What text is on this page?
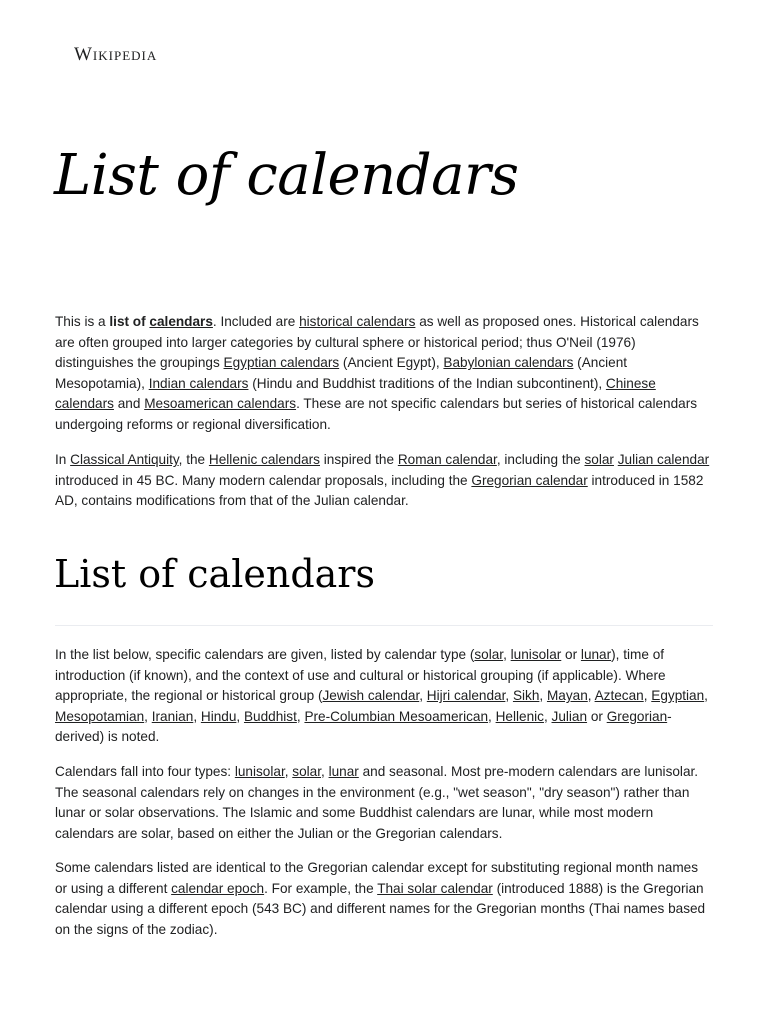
Wikipedia
List of calendars

This is a list of calendars. Included are historical calendars as well as proposed ones. Historical calendars are often grouped into larger categories by cultural sphere or historical period; thus O'Neil (1976) distinguishes the groupings Egyptian calendars (Ancient Egypt), Babylonian calendars (Ancient Mesopotamia), Indian calendars (Hindu and Buddhist traditions of the Indian subcontinent), Chinese calendars and Mesoamerican calendars. These are not specific calendars but series of historical calendars undergoing reforms or regional diversification.

In Classical Antiquity, the Hellenic calendars inspired the Roman calendar, including the solar Julian calendar introduced in 45 BC. Many modern calendar proposals, including the Gregorian calendar introduced in 1582 AD, contains modifications from that of the Julian calendar.

List of calendars

In the list below, specific calendars are given, listed by calendar type (solar, lunisolar or lunar), time of introduction (if known), and the context of use and cultural or historical grouping (if applicable). Where appropriate, the regional or historical group (Jewish calendar, Hijri calendar, Sikh, Mayan, Aztecan, Egyptian, Mesopotamian, Iranian, Hindu, Buddhist, Pre-Columbian Mesoamerican, Hellenic, Julian or Gregorian-derived) is noted.

Calendars fall into four types: lunisolar, solar, lunar and seasonal. Most pre-modern calendars are lunisolar. The seasonal calendars rely on changes in the environment (e.g., "wet season", "dry season") rather than lunar or solar observations. The Islamic and some Buddhist calendars are lunar, while most modern calendars are solar, based on either the Julian or the Gregorian calendars.

Some calendars listed are identical to the Gregorian calendar except for substituting regional month names or using a different calendar epoch. For example, the Thai solar calendar (introduced 1888) is the Gregorian calendar using a different epoch (543 BC) and different names for the Gregorian months (Thai names based on the signs of the zodiac).
